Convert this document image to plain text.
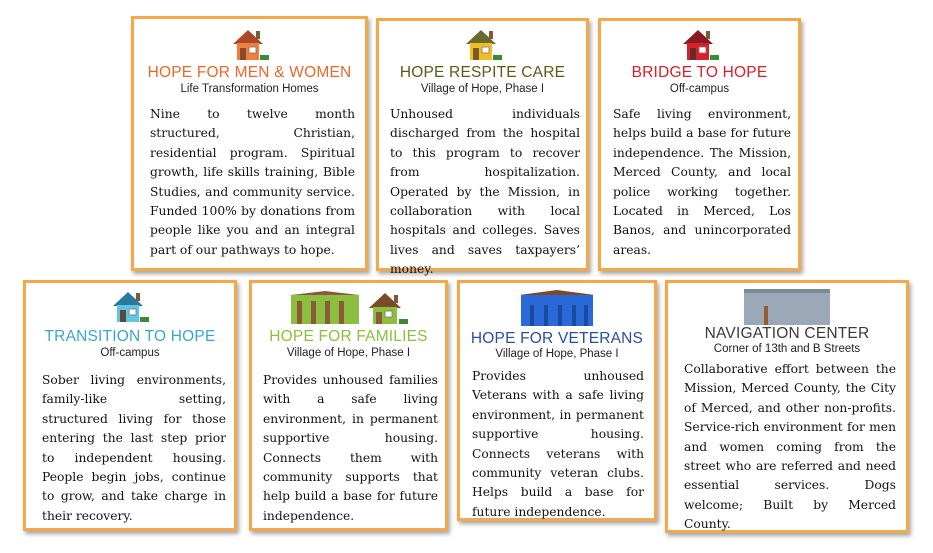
HOPE FOR MEN & WOMEN
Life Transformation Homes
Nine to twelve month structured, Christian, residential program. Spiritual growth, life skills training, Bible Studies, and community service. Funded 100% by donations from people like you and an integral part of our pathways to hope.
HOPE RESPITE CARE
Village of Hope, Phase I
Unhoused individuals discharged from the hospital to this program to recover from hospitalization. Operated by the Mission, in collaboration with local hospitals and colleges. Saves lives and saves taxpayers’ money.
BRIDGE TO HOPE
Off-campus
Safe living environment, helps build a base for future independence. The Mission, Merced County, and local police working together. Located in Merced, Los Banos, and unincorporated areas.
TRANSITION TO HOPE
Off-campus
Sober living environments, family-like setting, structured living for those entering the last step prior to independent housing. People begin jobs, continue to grow, and take charge in their recovery.
HOPE FOR FAMILIES
Village of Hope, Phase I
Provides unhoused families with a safe living environment, in permanent supportive housing. Connects them with community supports that help build a base for future independence.
HOPE FOR VETERANS
Village of Hope, Phase I
Provides unhoused Veterans with a safe living environment, in permanent supportive housing. Connects veterans with community veteran clubs. Helps build a base for future independence.
NAVIGATION CENTER
Corner of 13th and B Streets
Collaborative effort between the Mission, Merced County, the City of Merced, and other non-profits. Service-rich environment for men and women coming from the street who are referred and need essential services. Dogs welcome; Built by Merced County.
